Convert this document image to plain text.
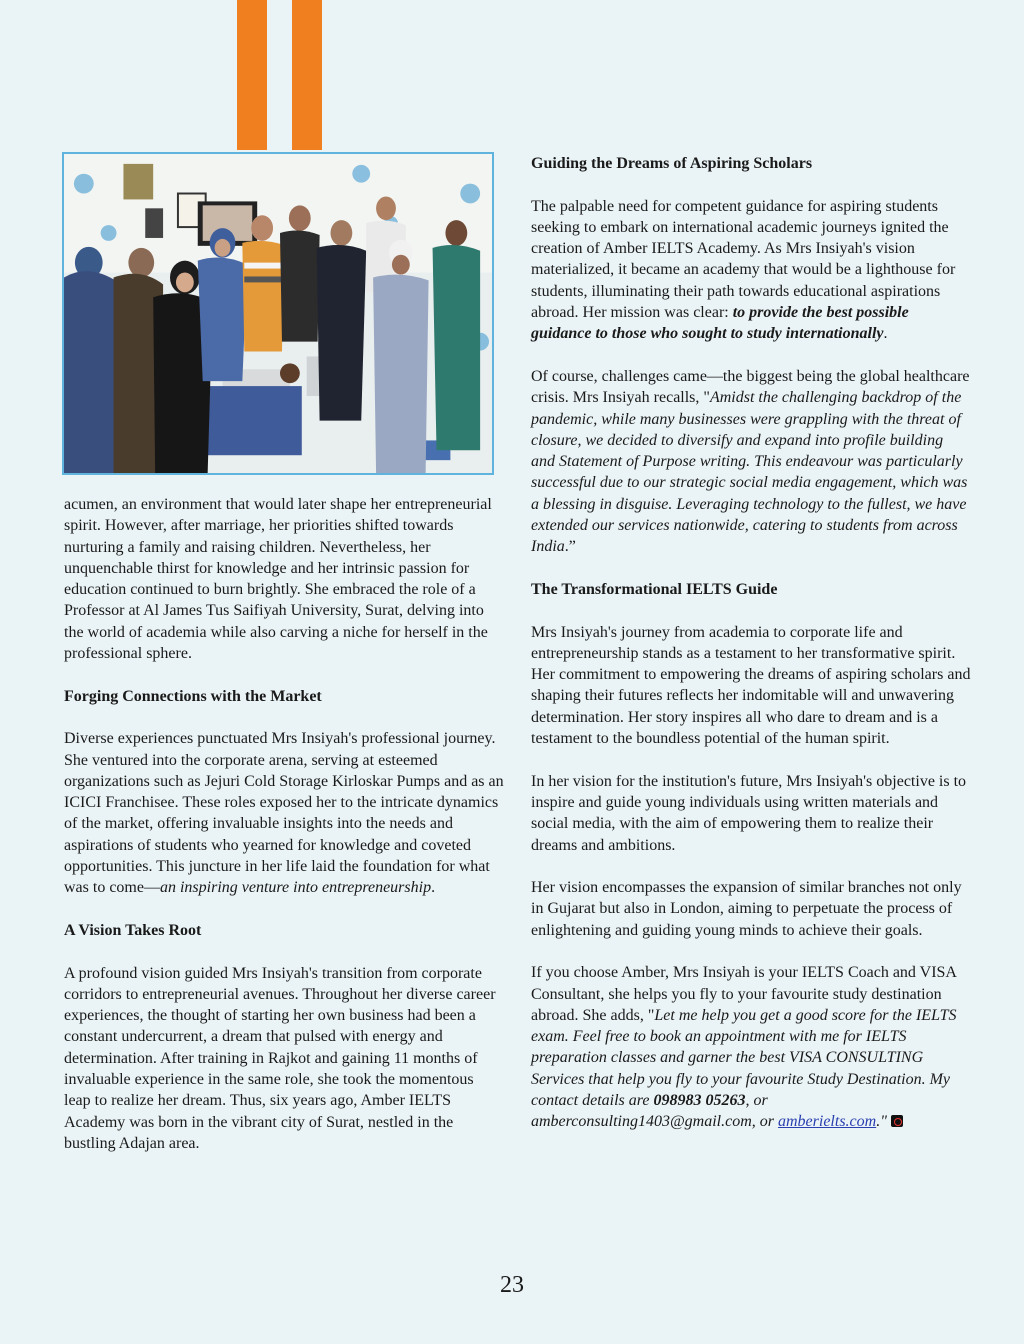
acumen, an environment that would later shape her entrepreneurial spirit. However, after marriage, her priorities shifted towards nurturing a family and raising children. Nevertheless, her unquenchable thirst for knowledge and her intrinsic passion for education continued to burn brightly. She embraced the role of a Professor at Al James Tus Saifiyah University, Surat, delving into the world of academia while also carving a niche for herself in the professional sphere.

Forging Connections with the Market

Diverse experiences punctuated Mrs Insiyah's professional journey. She ventured into the corporate arena, serving at esteemed organizations such as Jejuri Cold Storage Kirloskar Pumps and as an ICICI Franchisee. These roles exposed her to the intricate dynamics of the market, offering invaluable insights into the needs and aspirations of students who yearned for knowledge and coveted opportunities. This juncture in her life laid the foundation for what was to come—an inspiring venture into entrepreneurship.

A Vision Takes Root

A profound vision guided Mrs Insiyah's transition from corporate corridors to entrepreneurial avenues. Throughout her diverse career experiences, the thought of starting her own business had been a constant undercurrent, a dream that pulsed with energy and determination. After training in Rajkot and gaining 11 months of invaluable experience in the same role, she took the momentous leap to realize her dream. Thus, six years ago, Amber IELTS Academy was born in the vibrant city of Surat, nestled in the bustling Adajan area.

Guiding the Dreams of Aspiring Scholars

The palpable need for competent guidance for aspiring students seeking to embark on international academic journeys ignited the creation of Amber IELTS Academy. As Mrs Insiyah's vision materialized, it became an academy that would be a lighthouse for students, illuminating their path towards educational aspirations abroad. Her mission was clear: to provide the best possible guidance to those who sought to study internationally.

Of course, challenges came—the biggest being the global healthcare crisis. Mrs Insiyah recalls, "Amidst the challenging backdrop of the pandemic, while many businesses were grappling with the threat of closure, we decided to diversify and expand into profile building and Statement of Purpose writing. This endeavour was particularly successful due to our strategic social media engagement, which was a blessing in disguise. Leveraging technology to the fullest, we have extended our services nationwide, catering to students from across India.”

The Transformational IELTS Guide

Mrs Insiyah's journey from academia to corporate life and entrepreneurship stands as a testament to her transformative spirit. Her commitment to empowering the dreams of aspiring scholars and shaping their futures reflects her indomitable will and unwavering determination. Her story inspires all who dare to dream and is a testament to the boundless potential of the human spirit.

In her vision for the institution's future, Mrs Insiyah's objective is to inspire and guide young individuals using written materials and social media, with the aim of empowering them to realize their dreams and ambitions.

Her vision encompasses the expansion of similar branches not only in Gujarat but also in London, aiming to perpetuate the process of enlightening and guiding young minds to achieve their goals.

If you choose Amber, Mrs Insiyah is your IELTS Coach and VISA Consultant, she helps you fly to your favourite study destination abroad. She adds, "Let me help you get a good score for the IELTS exam. Feel free to book an appointment with me for IELTS preparation classes and garner the best VISA CONSULTING Services that help you fly to your favourite Study Destination. My contact details are 098983 05263, or amberconsulting1403@gmail.com, or amberielts.com."

23
